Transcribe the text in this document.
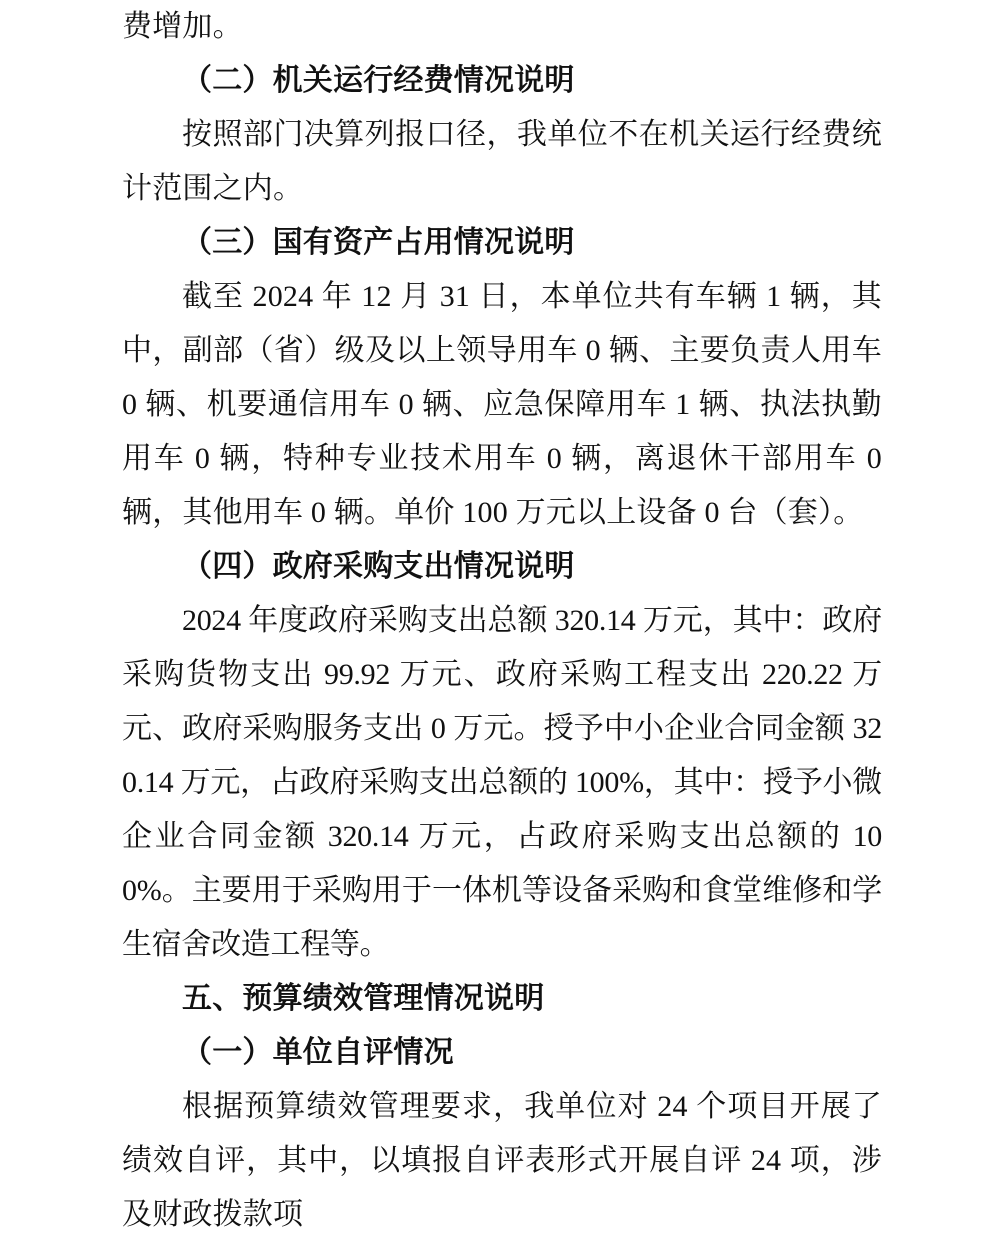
费增加。

（二）机关运行经费情况说明

按照部门决算列报口径，我单位不在机关运行经费统计范围之内。

（三）国有资产占用情况说明

截至 2024 年 12 月 31 日，本单位共有车辆 1 辆，其中，副部（省）级及以上领导用车 0 辆、主要负责人用车 0 辆、机要通信用车 0 辆、应急保障用车 1 辆、执法执勤用车 0 辆，特种专业技术用车 0 辆，离退休干部用车 0 辆，其他用车 0 辆。单价 100 万元以上设备 0 台（套）。

（四）政府采购支出情况说明

2024 年度政府采购支出总额 320.14 万元，其中：政府采购货物支出 99.92 万元、政府采购工程支出 220.22 万元、政府采购服务支出 0 万元。授予中小企业合同金额 320.14 万元，占政府采购支出总额的 100%，其中：授予小微企业合同金额 320.14 万元，占政府采购支出总额的 100%。主要用于采购用于一体机等设备采购和食堂维修和学生宿舍改造工程等。

五、预算绩效管理情况说明

（一）单位自评情况

根据预算绩效管理要求，我单位对 24 个项目开展了绩效自评，其中，以填报自评表形式开展自评 24 项，涉及财政拨款项
